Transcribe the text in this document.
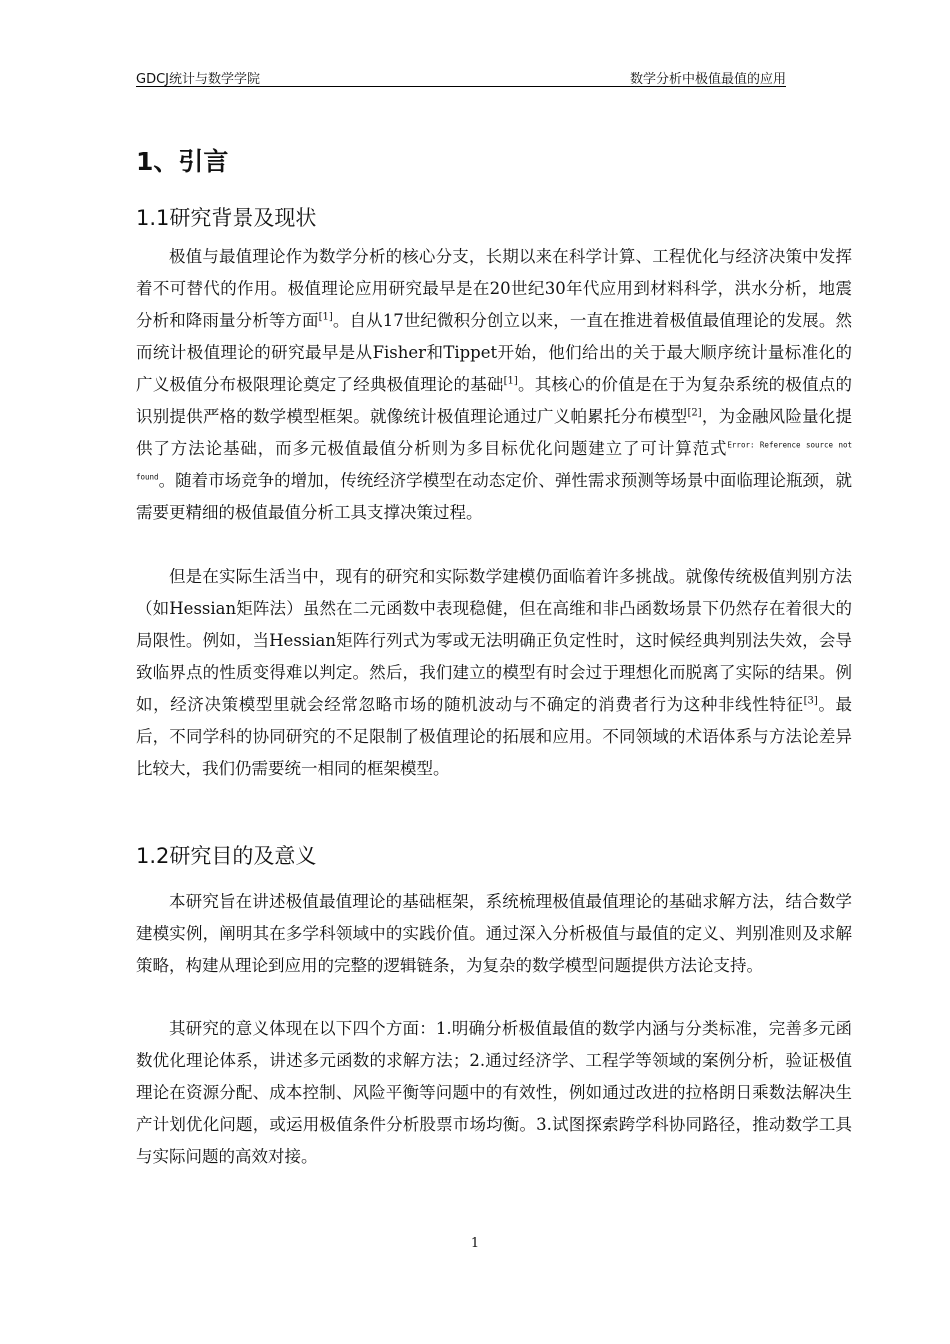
GDCJ统计与数学学院	数学分析中极值最值的应用
1、引言
1.1研究背景及现状

极值与最值理论作为数学分析的核心分支，长期以来在科学计算、工程优化与经济决策中发挥着不可替代的作用。极值理论应用研究最早是在20世纪30年代应用到材料科学，洪水分析，地震分析和降雨量分析等方面[1]。自从17世纪微积分创立以来，一直在推进着极值最值理论的发展。然而统计极值理论的研究最早是从Fisher和Tippet开始，他们给出的关于最大顺序统计量标准化的广义极值分布极限理论奠定了经典极值理论的基础[1]。其核心的价值是在于为复杂系统的极值点的识别提供严格的数学模型框架。就像统计极值理论通过广义帕累托分布模型[2]，为金融风险量化提供了方法论基础，而多元极值最值分析则为多目标优化问题建立了可计算范式$^{Error: Reference source not found}$。随着市场竞争的增加，传统经济学模型在动态定价、弹性需求预测等场景中面临理论瓶颈，就需要更精细的极值最值分析工具支撑决策过程。

但是在实际生活当中，现有的研究和实际数学建模仍面临着许多挑战。就像传统极值判别方法（如Hessian矩阵法）虽然在二元函数中表现稳健，但在高维和非凸函数场景下仍然存在着很大的局限性。例如，当Hessian矩阵行列式为零或无法明确正负定性时，这时候经典判别法失效，会导致临界点的性质变得难以判定。然后，我们建立的模型有时会过于理想化而脱离了实际的结果。例如，经济决策模型里就会经常忽略市场的随机波动与不确定的消费者行为这种非线性特征[3]。最后，不同学科的协同研究的不足限制了极值理论的拓展和应用。不同领域的术语体系与方法论差异比较大，我们仍需要统一相同的框架模型。

1.2研究目的及意义

本研究旨在讲述极值最值理论的基础框架，系统梳理极值最值理论的基础求解方法，结合数学建模实例，阐明其在多学科领域中的实践价值。通过深入分析极值与最值的定义、判别准则及求解策略，构建从理论到应用的完整的逻辑链条，为复杂的数学模型问题提供方法论支持。

其研究的意义体现在以下四个方面：1.明确分析极值最值的数学内涵与分类标准，完善多元函数优化理论体系，讲述多元函数的求解方法；2.通过经济学、工程学等领域的案例分析，验证极值理论在资源分配、成本控制、风险平衡等问题中的有效性，例如通过改进的拉格朗日乘数法解决生产计划优化问题，或运用极值条件分析股票市场均衡。3.试图探索跨学科协同路径，推动数学工具与实际问题的高效对接。

1
